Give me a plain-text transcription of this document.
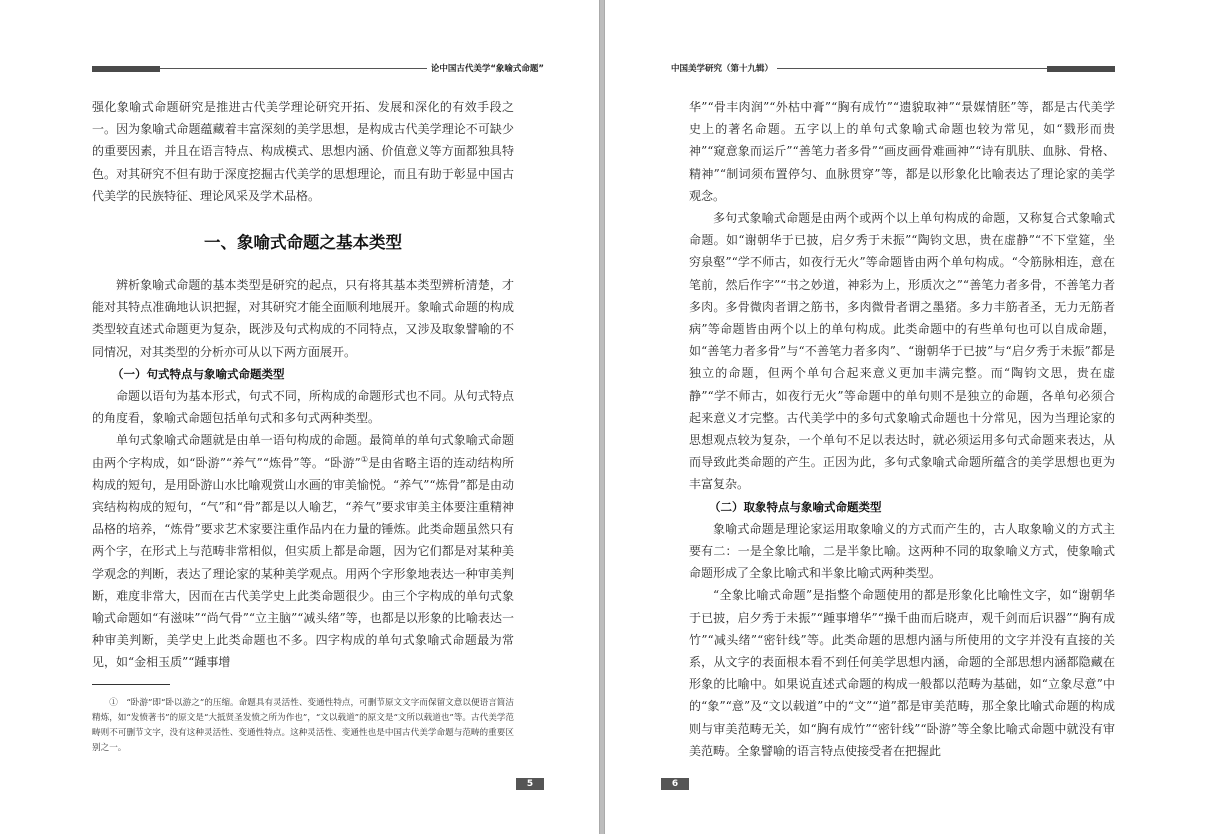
论中国古代美学“象喻式命题”

强化象喻式命题研究是推进古代美学理论研究开拓、发展和深化的有效手段之一。因为象喻式命题蕴藏着丰富深刻的美学思想，是构成古代美学理论不可缺少的重要因素，并且在语言特点、构成模式、思想内涵、价值意义等方面都独具特色。对其研究不但有助于深度挖掘古代美学的思想理论，而且有助于彰显中国古代美学的民族特征、理论风采及学术品格。

一、象喻式命题之基本类型

辨析象喻式命题的基本类型是研究的起点，只有将其基本类型辨析清楚，才能对其特点准确地认识把握，对其研究才能全面顺利地展开。象喻式命题的构成类型较直述式命题更为复杂，既涉及句式构成的不同特点，又涉及取象譬喻的不同情况，对其类型的分析亦可从以下两方面展开。

（一）句式特点与象喻式命题类型

命题以语句为基本形式，句式不同，所构成的命题形式也不同。从句式特点的角度看，象喻式命题包括单句式和多句式两种类型。

单句式象喻式命题就是由单一语句构成的命题。最简单的单句式象喻式命题由两个字构成，如“卧游”“养气”“炼骨”等。“卧游”①是由省略主语的连动结构所构成的短句，是用卧游山水比喻观赏山水画的审美愉悦。“养气”“炼骨”都是由动宾结构构成的短句，“气”和“骨”都是以人喻艺，“养气”要求审美主体要注重精神品格的培养，“炼骨”要求艺术家要注重作品内在力量的锤炼。此类命题虽然只有两个字，在形式上与范畴非常相似，但实质上都是命题，因为它们都是对某种美学观念的判断，表达了理论家的某种美学观点。用两个字形象地表达一种审美判断，难度非常大，因而在古代美学史上此类命题很少。由三个字构成的单句式象喻式命题如“有滋味”“尚气骨”“立主脑”“减头绪”等，也都是以形象的比喻表达一种审美判断，美学史上此类命题也不多。四字构成的单句式象喻式命题最为常见，如“金相玉质”“踵事增

①　“卧游”即“卧以游之”的压缩。命题具有灵活性、变通性特点，可删节原文文字而保留文意以便语言简洁精炼，如“发愤著书”的原文是“大抵贤圣发愤之所为作也”，“文以载道”的原文是“文所以载道也”等。古代美学范畴则不可删节文字，没有这种灵活性、变通性特点。这种灵活性、变通性也是中国古代美学命题与范畴的重要区别之一。

5
中国美学研究（第十九辑）

华”“骨丰肉润”“外枯中膏”“胸有成竹”“遗貌取神”“景媒情胚”等，都是古代美学史上的著名命题。五字以上的单句式象喻式命题也较为常见，如“戮形而贵神”“窥意象而运斤”“善笔力者多骨”“画皮画骨难画神”“诗有肌肤、血脉、骨格、精神”“制词须布置停匀、血脉贯穿”等，都是以形象化比喻表达了理论家的美学观念。

多句式象喻式命题是由两个或两个以上单句构成的命题，又称复合式象喻式命题。如“谢朝华于已披，启夕秀于未振”“陶钧文思，贵在虚静”“不下堂筵，坐穷泉壑”“学不师古，如夜行无火”等命题皆由两个单句构成。“令筋脉相连，意在笔前，然后作字”“书之妙道，神彩为上，形质次之”“善笔力者多骨，不善笔力者多肉。多骨微肉者谓之筋书，多肉微骨者谓之墨猪。多力丰筋者圣，无力无筋者病”等命题皆由两个以上的单句构成。此类命题中的有些单句也可以自成命题，如“善笔力者多骨”与“不善笔力者多肉”、“谢朝华于已披”与“启夕秀于未振”都是独立的命题，但两个单句合起来意义更加丰满完整。而“陶钧文思，贵在虚静”“学不师古，如夜行无火”等命题中的单句则不是独立的命题，各单句必须合起来意义才完整。古代美学中的多句式象喻式命题也十分常见，因为当理论家的思想观点较为复杂，一个单句不足以表达时，就必须运用多句式命题来表达，从而导致此类命题的产生。正因为此，多句式象喻式命题所蕴含的美学思想也更为丰富复杂。

（二）取象特点与象喻式命题类型

象喻式命题是理论家运用取象喻义的方式而产生的，古人取象喻义的方式主要有二：一是全象比喻，二是半象比喻。这两种不同的取象喻义方式，使象喻式命题形成了全象比喻式和半象比喻式两种类型。

“全象比喻式命题”是指整个命题使用的都是形象化比喻性文字，如“谢朝华于已披，启夕秀于未振”“踵事增华”“操千曲而后晓声，观千剑而后识器”“胸有成竹”“减头绪”“密针线”等。此类命题的思想内涵与所使用的文字并没有直接的关系，从文字的表面根本看不到任何美学思想内涵，命题的全部思想内涵都隐藏在形象的比喻中。如果说直述式命题的构成一般都以范畴为基础，如“立象尽意”中的“象”“意”及“文以载道”中的“文”“道”都是审美范畴，那全象比喻式命题的构成则与审美范畴无关，如“胸有成竹”“密针线”“卧游”等全象比喻式命题中就没有审美范畴。全象譬喻的语言特点使接受者在把握此

6
